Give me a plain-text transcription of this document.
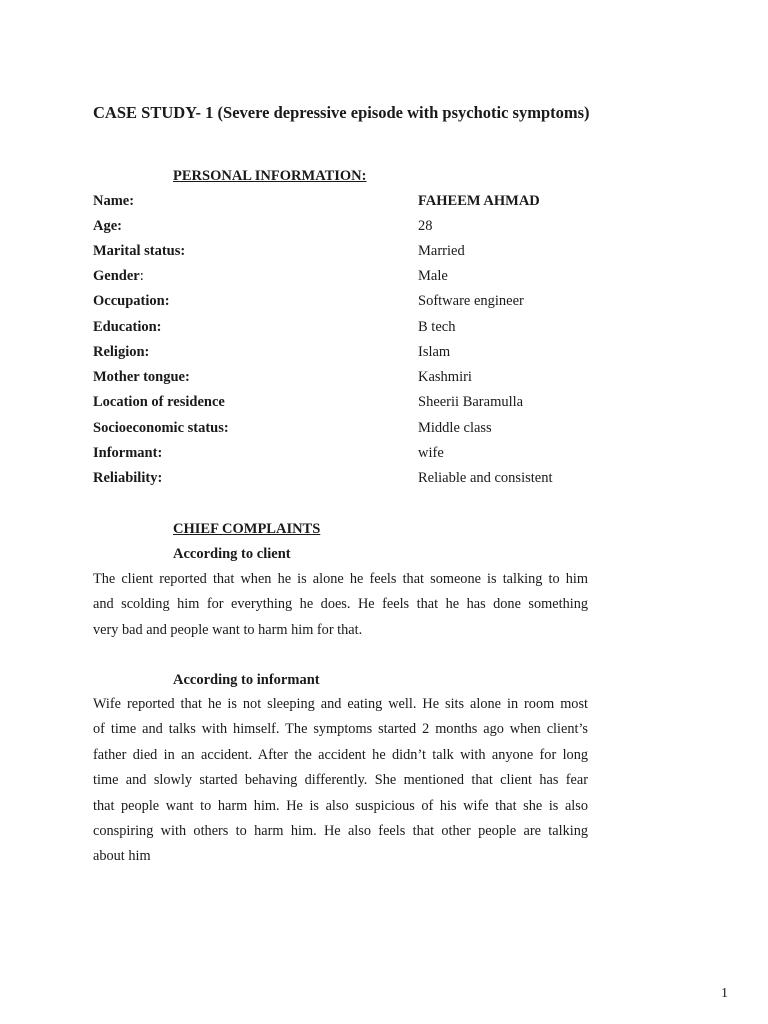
CASE STUDY- 1 (Severe depressive episode with psychotic symptoms)
PERSONAL INFORMATION:
Name:	FAHEEM AHMAD
Age:	28
Marital status:	Married
Gender:	Male
Occupation:	Software engineer
Education:	B tech
Religion:	Islam
Mother tongue:	Kashmiri
Location of residence	Sheerii Baramulla
Socioeconomic status:	Middle class
Informant:	wife
Reliability:	Reliable and consistent
CHIEF COMPLAINTS
According to client
The client reported that when he is alone he feels that someone is talking to him
and scolding him for everything he does. He feels that he has done something
very bad and people want to harm him for that.
According to informant
Wife reported that he is not sleeping and eating well. He sits alone in room most
of time and talks with himself. The symptoms started 2 months ago when client’s
father died in an accident. After the accident he didn’t talk with anyone for long
time and slowly started behaving differently. She mentioned that client has fear
that people want to harm him. He is also suspicious of his wife that she is also
conspiring with others to harm him. He also feels that other people are talking
about him
1
